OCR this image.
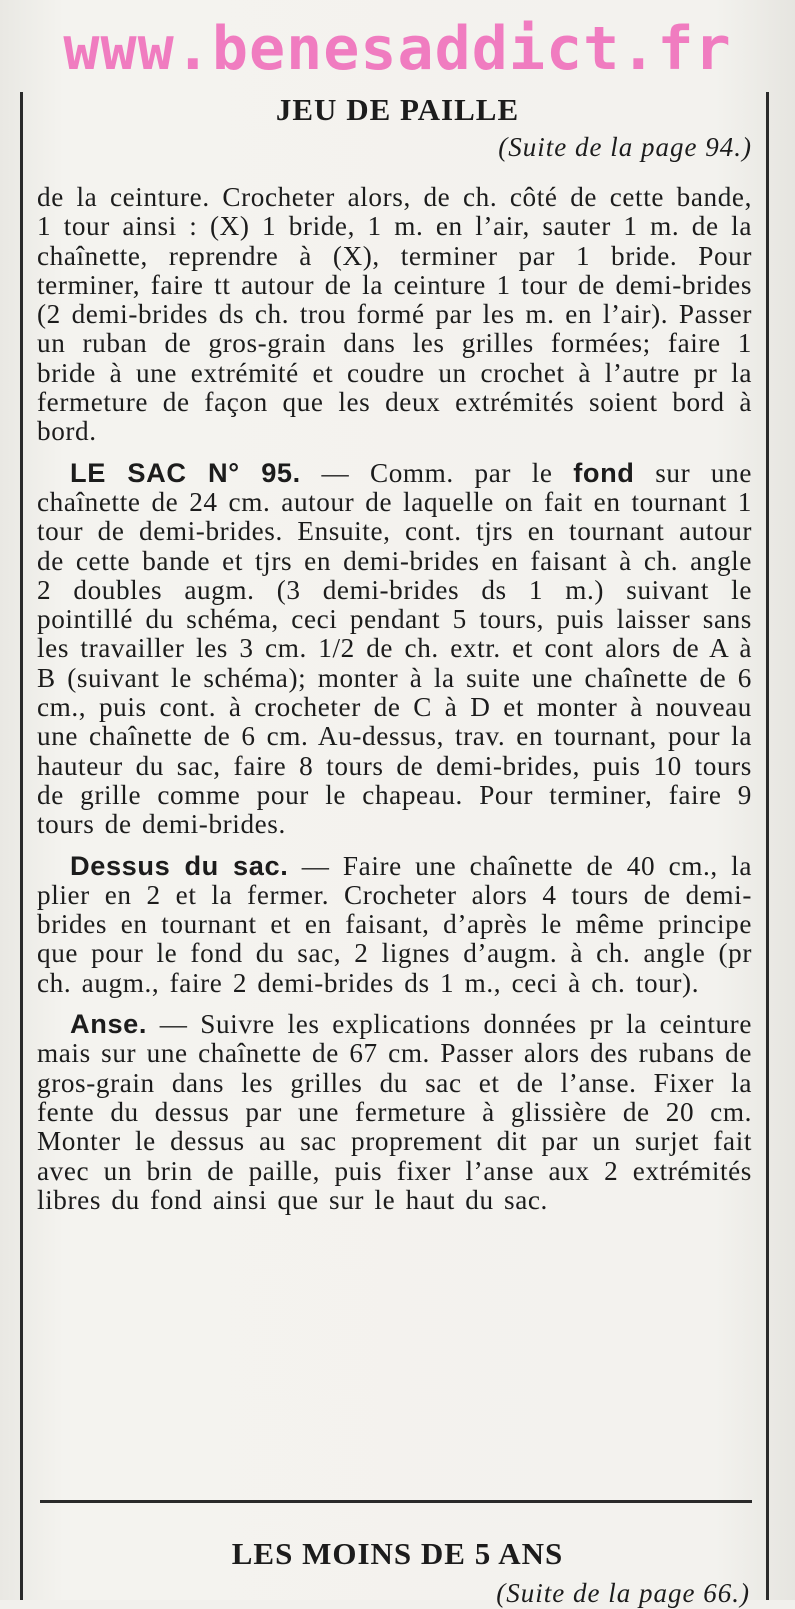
www.benesaddict.fr
JEU DE PAILLE
(Suite de la page 94.)

de la ceinture. Crocheter alors, de ch. côté de cette bande, 1 tour ainsi : (X) 1 bride, 1 m. en l’air, sauter 1 m. de la chaînette, reprendre à (X), terminer par 1 bride. Pour terminer, faire tt autour de la ceinture 1 tour de demi-brides (2 demi-brides ds ch. trou formé par les m. en l’air). Passer un ruban de gros-grain dans les grilles formées; faire 1 bride à une extrémité et coudre un crochet à l’autre pr la fermeture de façon que les deux extrémités soient bord à bord.

LE SAC N° 95. — Comm. par le fond sur une chaînette de 24 cm. autour de laquelle on fait en tournant 1 tour de demi-brides. Ensuite, cont. tjrs en tournant autour de cette bande et tjrs en demi-brides en faisant à ch. angle 2 doubles augm. (3 demi-brides ds 1 m.) suivant le pointillé du schéma, ceci pendant 5 tours, puis laisser sans les travailler les 3 cm. 1/2 de ch. extr. et cont alors de A à B (suivant le schéma); monter à la suite une chaînette de 6 cm., puis cont. à crocheter de C à D et monter à nouveau une chaînette de 6 cm. Au-dessus, trav. en tournant, pour la hauteur du sac, faire 8 tours de demi-brides, puis 10 tours de grille comme pour le chapeau. Pour terminer, faire 9 tours de demi-brides.

Dessus du sac. — Faire une chaînette de 40 cm., la plier en 2 et la fermer. Crocheter alors 4 tours de demi-brides en tournant et en faisant, d’après le même principe que pour le fond du sac, 2 lignes d’augm. à ch. angle (pr ch. augm., faire 2 demi-brides ds 1 m., ceci à ch. tour).

Anse. — Suivre les explications données pr la ceinture mais sur une chaînette de 67 cm. Passer alors des rubans de gros-grain dans les grilles du sac et de l’anse. Fixer la fente du dessus par une fermeture à glissière de 20 cm. Monter le dessus au sac proprement dit par un surjet fait avec un brin de paille, puis fixer l’anse aux 2 extrémités libres du fond ainsi que sur le haut du sac.

LES MOINS DE 5 ANS
(Suite de la page 66.)
